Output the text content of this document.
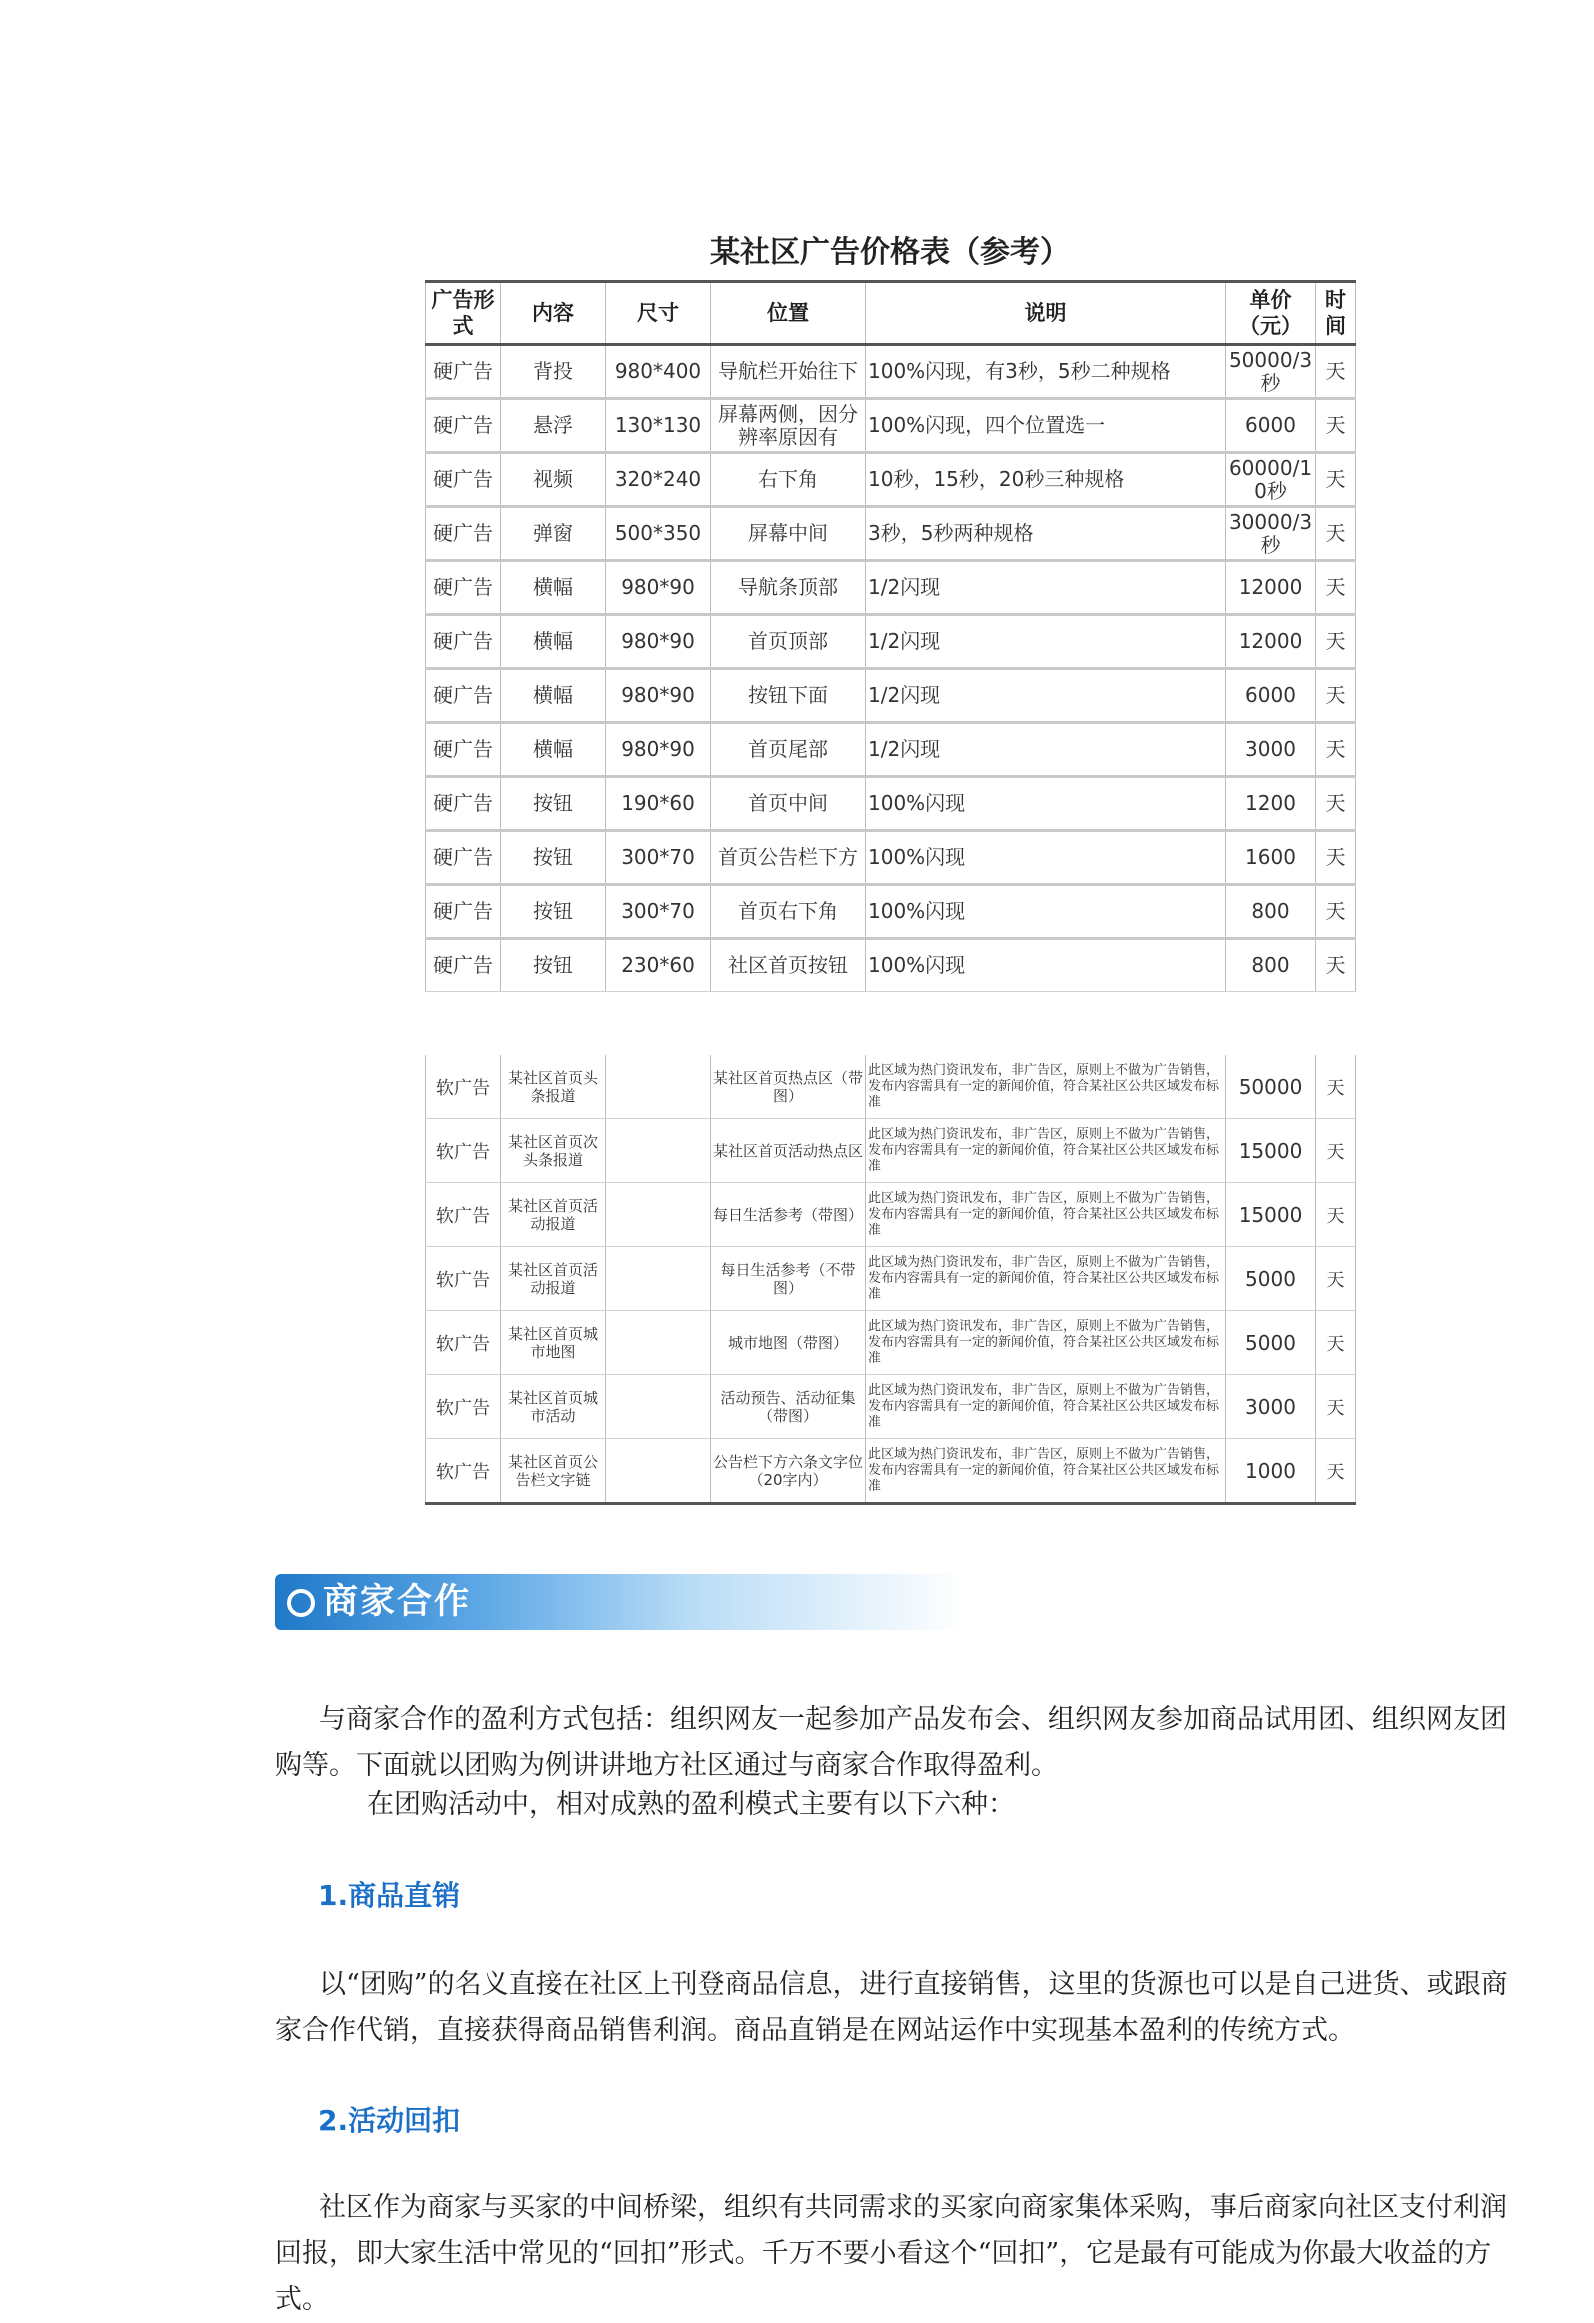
某社区广告价格表（参考）
广告形式	内容	尺寸	位置	说明	单价（元）	时间
硬广告	背投	980*400	导航栏开始往下	100%闪现，有3秒，5秒二种规格	50000/3秒	天
硬广告	悬浮	130*130	屏幕两侧，因分辨率原因有	100%闪现，四个位置选一	6000	天
硬广告	视频	320*240	右下角	10秒，15秒，20秒三种规格	60000/10秒	天
硬广告	弹窗	500*350	屏幕中间	3秒，5秒两种规格	30000/3秒	天
硬广告	横幅	980*90	导航条顶部	1/2闪现	12000	天
硬广告	横幅	980*90	首页顶部	1/2闪现	12000	天
硬广告	横幅	980*90	按钮下面	1/2闪现	6000	天
硬广告	横幅	980*90	首页尾部	1/2闪现	3000	天
硬广告	按钮	190*60	首页中间	100%闪现	1200	天
硬广告	按钮	300*70	首页公告栏下方	100%闪现	1600	天
硬广告	按钮	300*70	首页右下角	100%闪现	800	天
硬广告	按钮	230*60	社区首页按钮	100%闪现	800	天
软广告	某社区首页头条报道		某社区首页热点区（带图）	此区域为热门资讯发布，非广告区，原则上不做为广告销售，发布内容需具有一定的新闻价值，符合某社区公共区域发布标准	50000	天
软广告	某社区首页次头条报道		某社区首页活动热点区	此区域为热门资讯发布，非广告区，原则上不做为广告销售，发布内容需具有一定的新闻价值，符合某社区公共区域发布标准	15000	天
软广告	某社区首页活动报道		每日生活参考（带图）	此区域为热门资讯发布，非广告区，原则上不做为广告销售，发布内容需具有一定的新闻价值，符合某社区公共区域发布标准	15000	天
软广告	某社区首页活动报道		每日生活参考（不带图）	此区域为热门资讯发布，非广告区，原则上不做为广告销售，发布内容需具有一定的新闻价值，符合某社区公共区域发布标准	5000	天
软广告	某社区首页城市地图		城市地图（带图）	此区域为热门资讯发布，非广告区，原则上不做为广告销售，发布内容需具有一定的新闻价值，符合某社区公共区域发布标准	5000	天
软广告	某社区首页城市活动		活动预告、活动征集（带图）	此区域为热门资讯发布，非广告区，原则上不做为广告销售，发布内容需具有一定的新闻价值，符合某社区公共区域发布标准	3000	天
软广告	某社区首页公告栏文字链		公告栏下方六条文字位（20字内）	此区域为热门资讯发布，非广告区，原则上不做为广告销售，发布内容需具有一定的新闻价值，符合某社区公共区域发布标准	1000	天
商家合作

与商家合作的盈利方式包括：组织网友一起参加产品发布会、组织网友参加商品试用团、组织网友团购等。下面就以团购为例讲讲地方社区通过与商家合作取得盈利。

在团购活动中，相对成熟的盈利模式主要有以下六种：

1.商品直销

以“团购”的名义直接在社区上刊登商品信息，进行直接销售，这里的货源也可以是自己进货、或跟商家合作代销，直接获得商品销售利润。商品直销是在网站运作中实现基本盈利的传统方式。

2.活动回扣

社区作为商家与买家的中间桥梁，组织有共同需求的买家向商家集体采购，事后商家向社区支付利润回报，即大家生活中常见的“回扣”形式。千万不要小看这个“回扣”，它是最有可能成为你最大收益的方式。
